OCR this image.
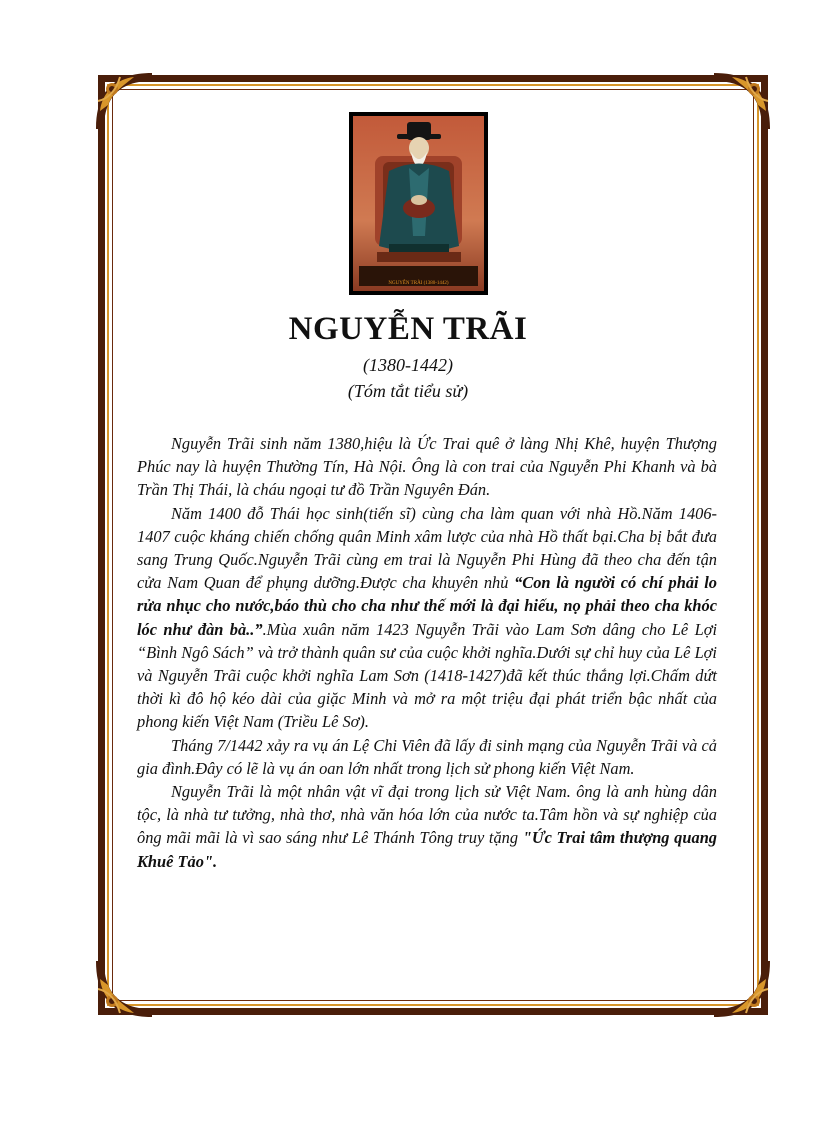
NGUYỄN TRÃI (1380-1442)
NGUYỄN TRÃI
(1380-1442)
(Tóm tắt tiểu sử)

Nguyễn Trãi sinh năm 1380,hiệu là Ức Trai quê ở làng Nhị Khê, huyện Thượng Phúc nay là huyện Thường Tín, Hà Nội. Ông là con trai của Nguyễn Phi Khanh và bà Trần Thị Thái, là cháu ngoại tư đồ Trần Nguyên Đán.

Năm 1400 đỗ Thái học sinh(tiến sĩ) cùng cha làm quan với nhà Hồ.Năm 1406-1407 cuộc kháng chiến chống quân Minh xâm lược của nhà Hồ thất bại.Cha bị bắt đưa sang Trung Quốc.Nguyễn Trãi cùng em trai là Nguyễn Phi Hùng đã theo cha đến tận cửa Nam Quan để phụng dưỡng.Được cha khuyên nhủ “Con là người có chí phải lo rửa nhục cho nước,báo thù cho cha như thế mới là đại hiếu, nọ phải theo cha khóc lóc như đàn bà..”.Mùa xuân năm 1423 Nguyễn Trãi vào Lam Sơn dâng cho Lê Lợi “Bình Ngô Sách” và trở thành quân sư của cuộc khởi nghĩa.Dưới sự chỉ huy của Lê Lợi và Nguyễn Trãi cuộc khởi nghĩa Lam Sơn (1418-1427)đã kết thúc thắng lợi.Chấm dứt thời kì đô hộ kéo dài của giặc Minh và mở ra một triệu đại phát triển bậc nhất của phong kiến Việt Nam (Triều Lê Sơ).

Tháng 7/1442 xảy ra vụ án Lệ Chi Viên đã lấy đi sinh mạng của Nguyễn Trãi và cả gia đình.Đây có lẽ là vụ án oan lớn nhất trong lịch sử phong kiến Việt Nam.

Nguyễn Trãi là một nhân vật vĩ đại trong lịch sử Việt Nam. ông là anh hùng dân tộc, là nhà tư tưởng, nhà thơ, nhà văn hóa lớn của nước ta.Tâm hồn và sự nghiệp của ông mãi mãi là vì sao sáng như Lê Thánh Tông truy tặng "Ức Trai tâm thượng quang Khuê Tảo".
